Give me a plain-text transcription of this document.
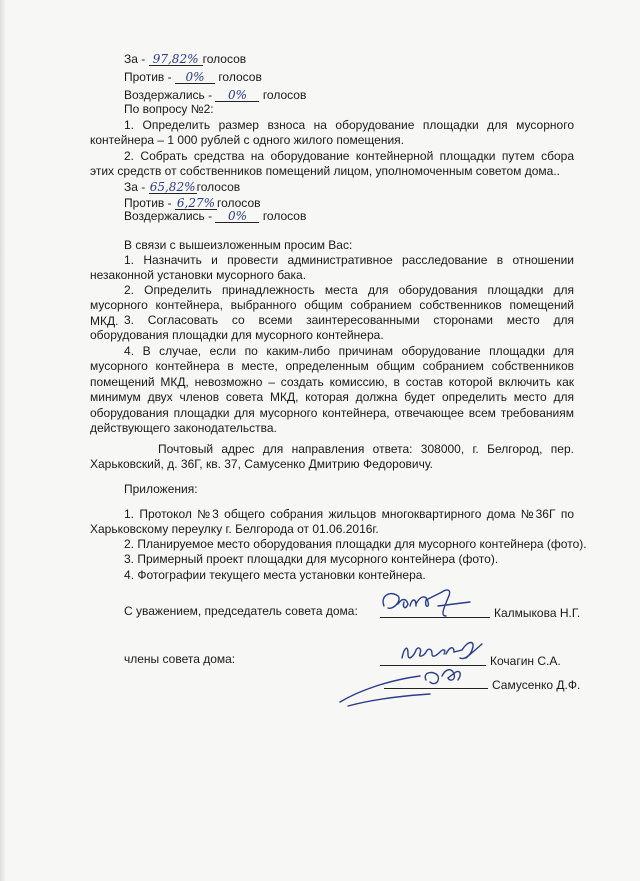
За - 97,82% голосов
Против - 0% голосов
Воздержались - 0% голосов
По вопросу №2:
1. Определить размер взноса на оборудование площадки для мусорного контейнера – 1 000 рублей с одного жилого помещения.
2. Собрать средства на оборудование контейнерной площадки путем сбора этих средств от собственников помещений лицом, уполномоченным советом дома..
За - 65,82%голосов
Против - 6,27% голосов
Воздержались - 0% голосов
В связи с вышеизложенным просим Вас:
1. Назначить и провести административное расследование в отношении незаконной установки мусорного бака.
2. Определить принадлежность места для оборудования площадки для мусорного контейнера, выбранного общим собранием собственников помещений МКД. 3. Согласовать со всеми заинтересованными сторонами место для оборудования площадки для мусорного контейнера.
4. В случае, если по каким-либо причинам оборудование площадки для мусорного контейнера в месте, определенным общим собранием собственников помещений МКД, невозможно – создать комиссию, в состав которой включить как минимум двух членов совета МКД, которая должна будет определить место для оборудования площадки для мусорного контейнера, отвечающее всем требованиям действующего законодательства.
Почтовый адрес для направления ответа: 308000, г. Белгород, пер. Харьковский, д. 36Г, кв. 37, Самусенко Дмитрию Федоровичу.
Приложения:
1. Протокол №3 общего собрания жильцов многоквартирного дома №36Г по Харьковскому переулку г. Белгорода от 01.06.2016г.
2. Планируемое место оборудования площадки для мусорного контейнера (фото).
3. Примерный проект площадки для мусорного контейнера (фото).
4. Фотографии текущего места установки контейнера.
С уважением, председатель совета дома:	Калмыкова Н.Г.
члены совета дома:	Кочагин С.А.
Самусенко Д.Ф.
